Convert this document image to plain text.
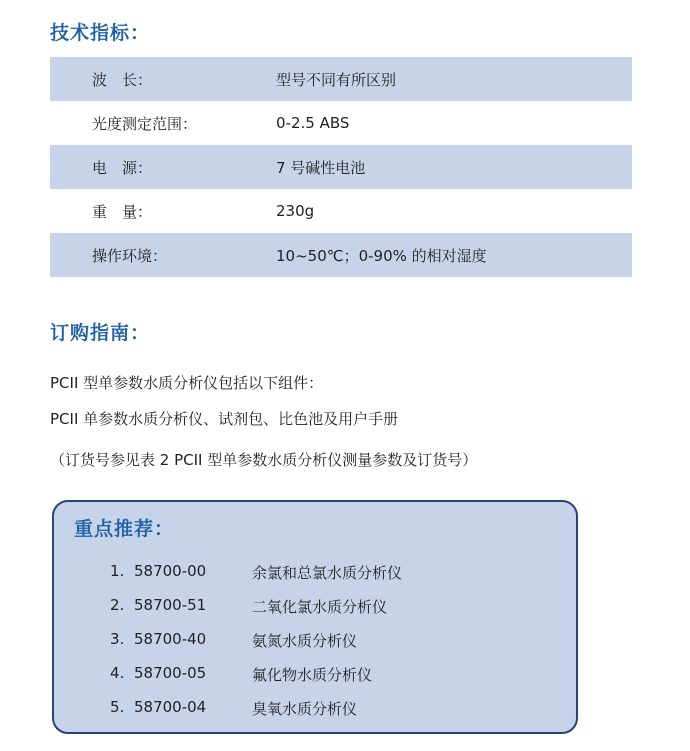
技术指标：
波　长：	型号不同有所区别
光度测定范围：	0-2.5 ABS
电　源：	7 号碱性电池
重　量：	230g
操作环境：	10~50℃；0-90% 的相对湿度
订购指南：
PCII 型单参数水质分析仪包括以下组件：
PCII 单参数水质分析仪、试剂包、比色池及用户手册
（订货号参见表 2 PCII 型单参数水质分析仪测量参数及订货号）
重点推荐：
1. 58700-00	余氯和总氯水质分析仪
2. 58700-51	二氧化氯水质分析仪
3. 58700-40	氨氮水质分析仪
4. 58700-05	氟化物水质分析仪
5. 58700-04	臭氧水质分析仪
